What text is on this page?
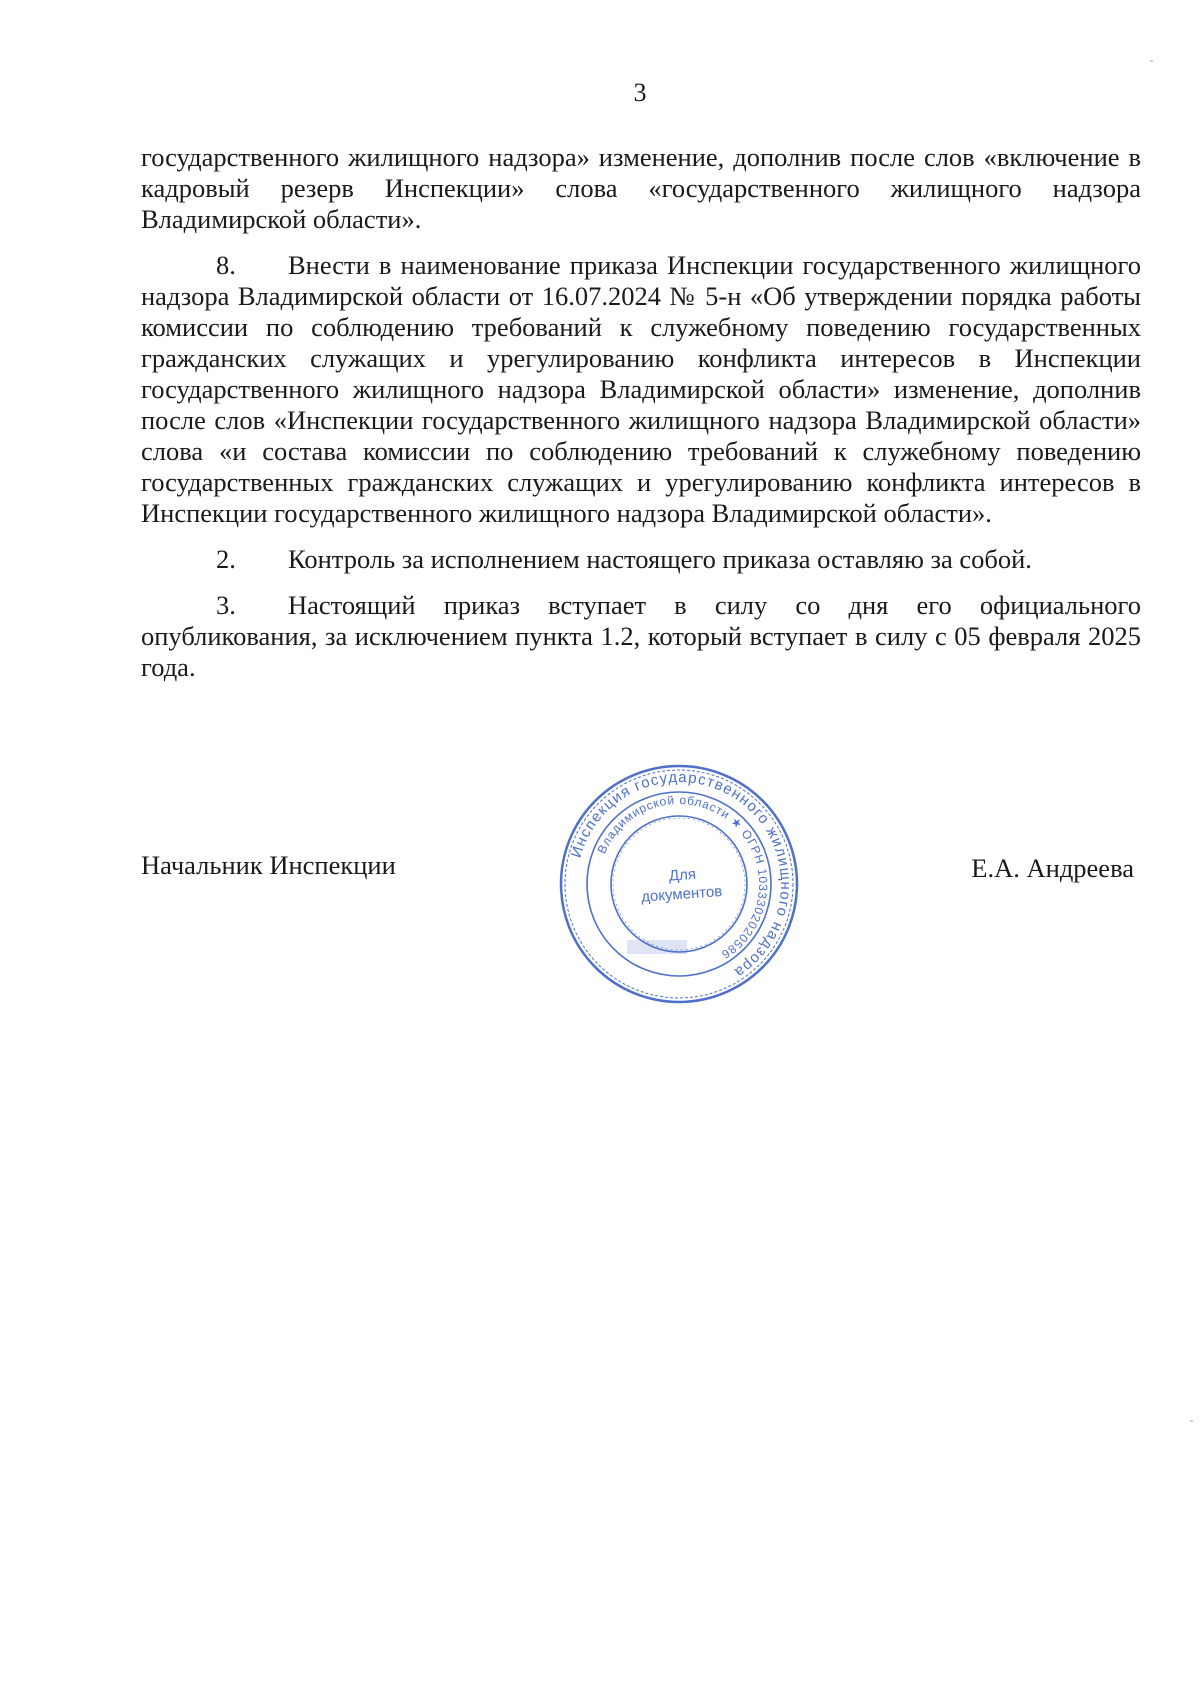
3

государственного жилищного надзора» изменение, дополнив после слов «включение в кадровый резерв Инспекции» слова «государственного жилищного надзора Владимирской области».

8. Внести в наименование приказа Инспекции государственного жилищного надзора Владимирской области от 16.07.2024 № 5-н «Об утверждении порядка работы комиссии по соблюдению требований к служебному поведению государственных гражданских служащих и урегулированию конфликта интересов в Инспекции государственного жилищного надзора Владимирской области» изменение, дополнив после слов «Инспекции государственного жилищного надзора Владимирской области» слова «и состава комиссии по соблюдению требований к служебному поведению государственных гражданских служащих и урегулированию конфликта интересов в Инспекции государственного жилищного надзора Владимирской области».

2. Контроль за исполнением настоящего приказа оставляю за собой.

3. Настоящий приказ вступает в силу со дня его официального опубликования, за исключением пункта 1.2, который вступает в силу с 05 февраля 2025 года.

Начальник Инспекции	Е.А. Андреева
Инспекция государственного жилищного надзора
Владимирской области ★ ОГРН 1033302020586
Для
документов
